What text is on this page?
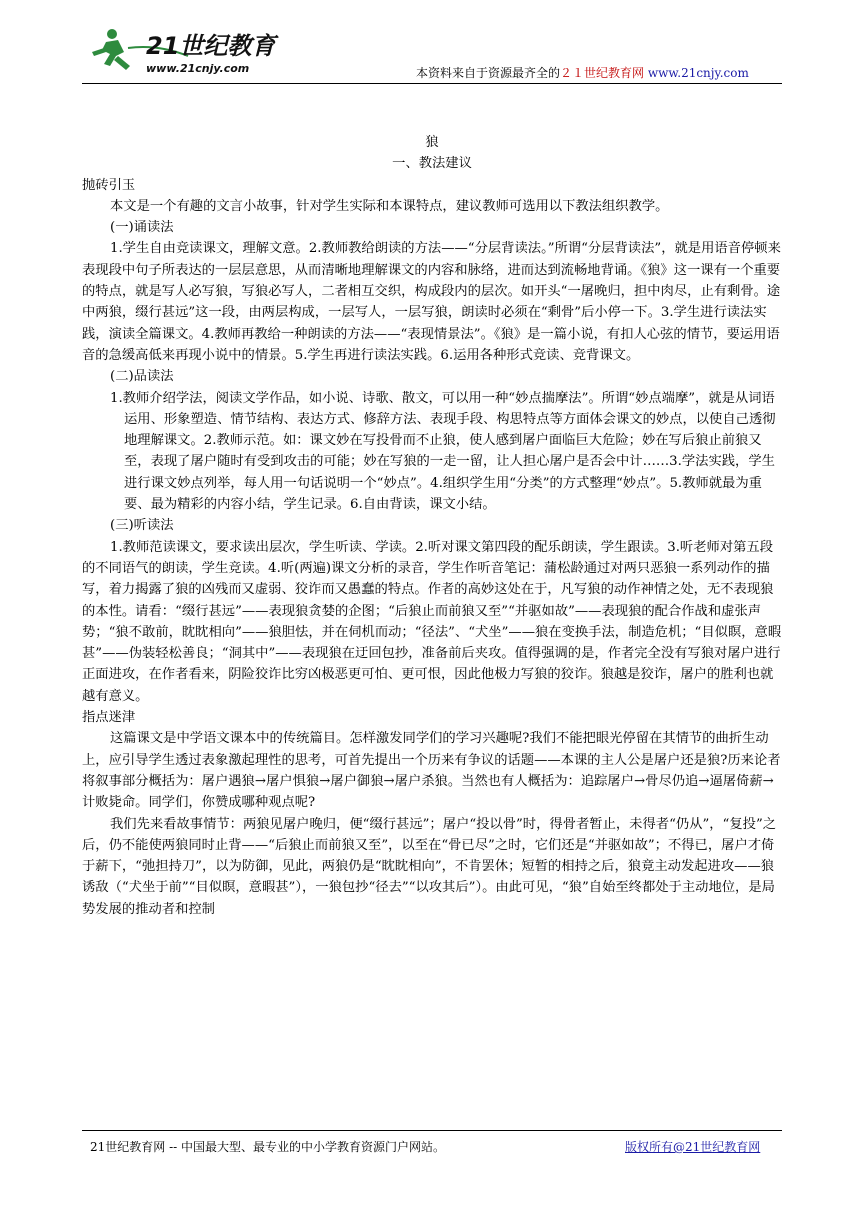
21世纪教育
www.21cnjy.com	本资料来自于资源最齐全的２１世纪教育网 www.21cnjy.com

狼

一、教法建议

抛砖引玉

本文是一个有趣的文言小故事，针对学生实际和本课特点，建议教师可选用以下教法组织教学。

(一)诵读法

1.学生自由竞读课文，理解文意。2.教师教给朗读的方法——“分层背读法。”所谓“分层背读法”，就是用语音停顿来表现段中句子所表达的一层层意思，从而清晰地理解课文的内容和脉络，进而达到流畅地背诵。《狼》这一课有一个重要的特点，就是写人必写狼，写狼必写人，二者相互交织，构成段内的层次。如开头“一屠晚归，担中肉尽，止有剩骨。途中两狼，缀行甚远”这一段，由两层构成，一层写人，一层写狼，朗读时必须在“剩骨”后小停一下。3.学生进行读法实践，演读全篇课文。4.教师再教给一种朗读的方法——“表现情景法”。《狼》是一篇小说，有扣人心弦的情节，要运用语音的急缓高低来再现小说中的情景。5.学生再进行读法实践。6.运用各种形式竞读、竞背课文。

(二)品读法

1.教师介绍学法，阅读文学作品，如小说、诗歌、散文，可以用一种“妙点揣摩法”。所谓“妙点端摩”，就是从词语运用、形象塑造、情节结构、表达方式、修辞方法、表现手段、构思特点等方面体会课文的妙点，以使自己透彻地理解课文。2.教师示范。如：课文妙在写投骨而不止狼，使人感到屠户面临巨大危险；妙在写后狼止前狼又至，表现了屠户随时有受到攻击的可能；妙在写狼的一走一留，让人担心屠户是否会中计……3.学法实践，学生进行课文妙点列举，每人用一句话说明一个“妙点”。4.组织学生用“分类”的方式整理“妙点”。5.教师就最为重要、最为精彩的内容小结，学生记录。6.自由背读，课文小结。

(三)听读法

1.教师范读课文，要求读出层次，学生听读、学读。2.听对课文第四段的配乐朗读，学生跟读。3.听老师对第五段的不同语气的朗读，学生竞读。4.听(两遍)课文分析的录音，学生作听音笔记：蒲松龄通过对两只恶狼一系列动作的描写，着力揭露了狼的凶残而又虚弱、狡诈而又愚蠢的特点。作者的高妙这处在于，凡写狼的动作神情之处，无不表现狼的本性。请看：“缀行甚远”——表现狼贪婪的企图；“后狼止而前狼又至”“并驱如故”——表现狼的配合作战和虚张声势；“狼不敢前，眈眈相向”——狼胆怯，并在伺机而动；“径法”、“犬坐”——狼在变换手法，制造危机；“目似瞑，意暇甚”——伪装轻松善良；“洞其中”——表现狼在迂回包抄，准备前后夹攻。值得强调的是，作者完全没有写狼对屠户进行正面进攻，在作者看来，阴险狡诈比穷凶极恶更可怕、更可恨，因此他极力写狼的狡诈。狼越是狡诈，屠户的胜利也就越有意义。

指点迷津

这篇课文是中学语文课本中的传统篇目。怎样激发同学们的学习兴趣呢?我们不能把眼光停留在其情节的曲折生动上，应引导学生透过表象激起理性的思考，可首先提出一个历来有争议的话题——本课的主人公是屠户还是狼?历来论者将叙事部分概括为：屠户遇狼→屠户惧狼→屠户御狼→屠户杀狼。当然也有人概括为：追踪屠户→骨尽仍追→逼屠倚薪→计败毙命。同学们，你赞成哪种观点呢?

我们先来看故事情节：两狼见屠户晚归，便“缀行甚远”；屠户“投以骨”时，得骨者暂止，未得者“仍从”，“复投”之后，仍不能使两狼同时止背——“后狼止而前狼又至”，以至在“骨已尽”之时，它们还是“并驱如故”；不得已，屠户才倚于薪下，“弛担持刀”，以为防御，见此，两狼仍是“眈眈相向”，不肯罢休；短暂的相持之后，狼竟主动发起进攻——狼诱敌（“犬坐于前”“目似瞑，意暇甚”），一狼包抄“径去”“以攻其后”）。由此可见，“狼”自始至终都处于主动地位，是局势发展的推动者和控制

21世纪教育网 -- 中国最大型、最专业的中小学教育资源门户网站。	版权所有@21世纪教育网
